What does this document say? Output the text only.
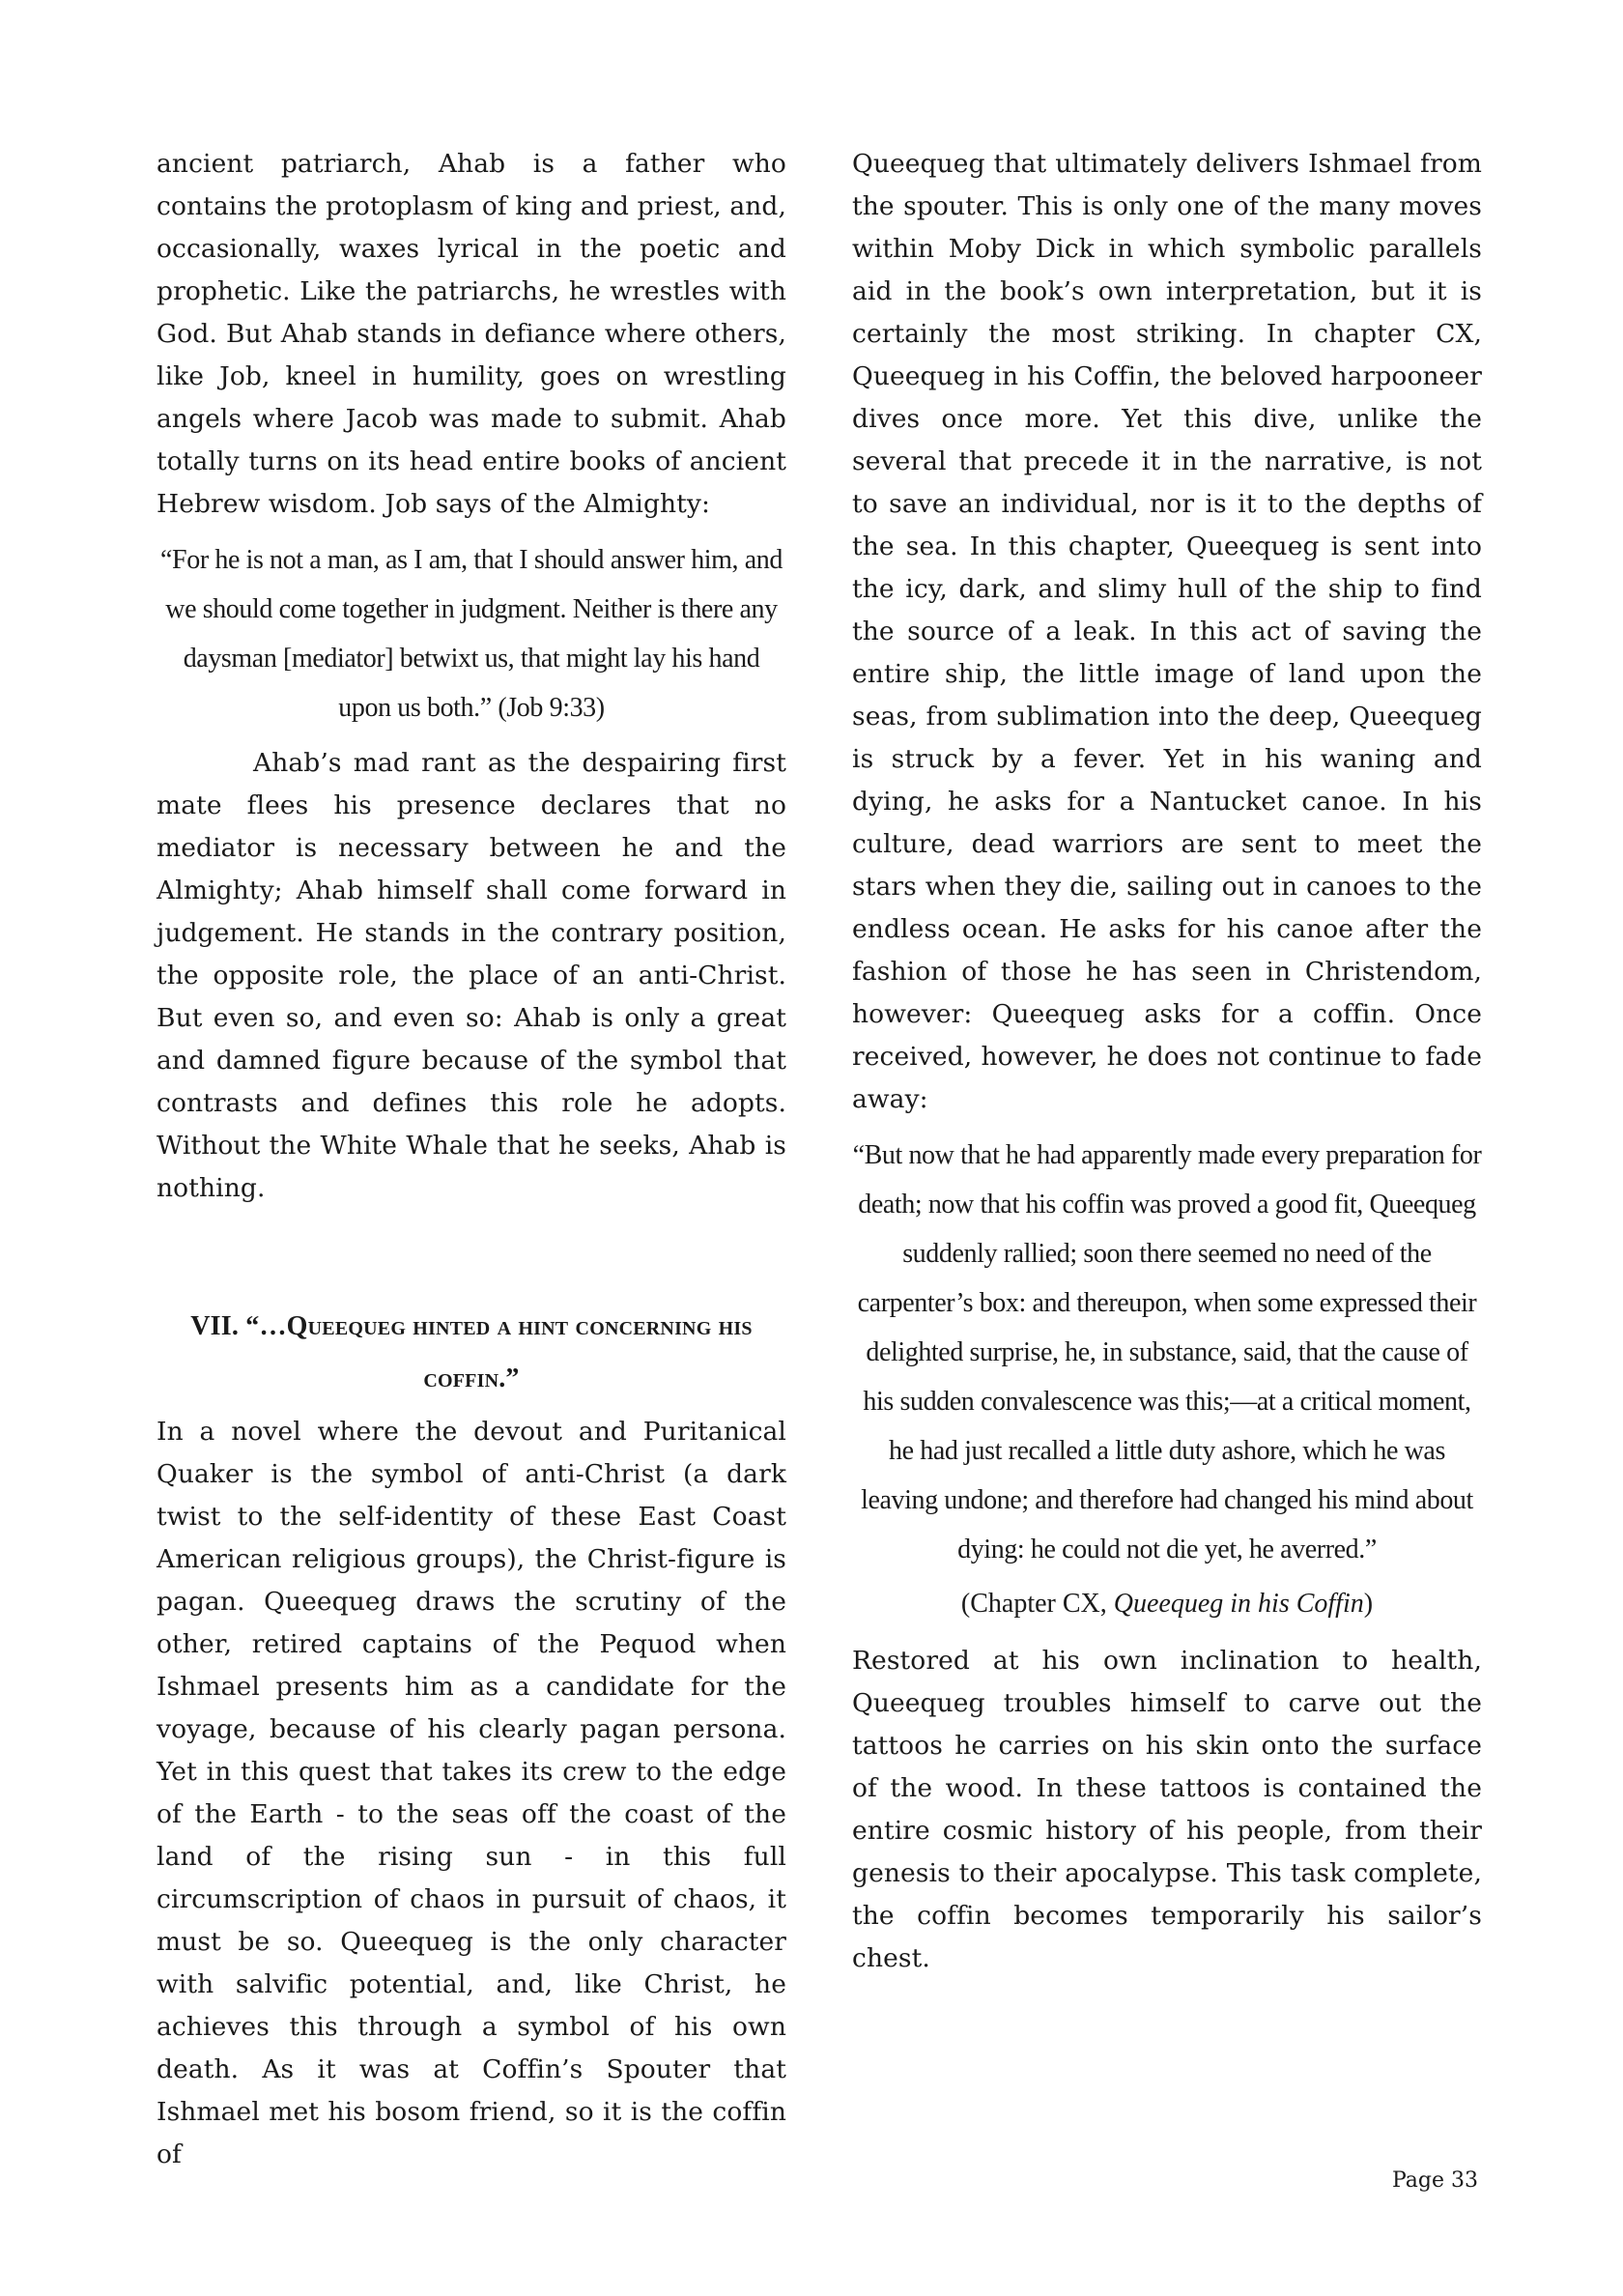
ancient patriarch, Ahab is a father who contains the protoplasm of king and priest, and, occasionally, waxes lyrical in the poetic and prophetic. Like the patriarchs, he wrestles with God. But Ahab stands in defiance where others, like Job, kneel in humility, goes on wrestling angels where Jacob was made to submit. Ahab totally turns on its head entire books of ancient Hebrew wisdom. Job says of the Almighty:

“For he is not a man, as I am, that I should answer him, and we should come together in judgment. Neither is there any daysman [mediator] betwixt us, that might lay his hand upon us both.” (Job 9:33)

Ahab’s mad rant as the despairing first mate flees his presence declares that no mediator is necessary between he and the Almighty; Ahab himself shall come forward in judgement. He stands in the contrary position, the opposite role, the place of an anti-Christ. But even so, and even so: Ahab is only a great and damned figure because of the symbol that contrasts and defines this role he adopts. Without the White Whale that he seeks, Ahab is nothing.

VII. “…Queequeg hinted a hint concerning his coffin.”

In a novel where the devout and Puritanical Quaker is the symbol of anti-Christ (a dark twist to the self-identity of these East Coast American religious groups), the Christ-figure is pagan. Queequeg draws the scrutiny of the other, retired captains of the Pequod when Ishmael presents him as a candidate for the voyage, because of his clearly pagan persona. Yet in this quest that takes its crew to the edge of the Earth - to the seas off the coast of the land of the rising sun - in this full circumscription of chaos in pursuit of chaos, it must be so. Queequeg is the only character with salvific potential, and, like Christ, he achieves this through a symbol of his own death. As it was at Coffin’s Spouter that Ishmael met his bosom friend, so it is the coffin of

Queequeg that ultimately delivers Ishmael from the spouter. This is only one of the many moves within Moby Dick in which symbolic parallels aid in the book’s own interpretation, but it is certainly the most striking. In chapter CX, Queequeg in his Coffin, the beloved harpooneer dives once more. Yet this dive, unlike the several that precede it in the narrative, is not to save an individual, nor is it to the depths of the sea. In this chapter, Queequeg is sent into the icy, dark, and slimy hull of the ship to find the source of a leak. In this act of saving the entire ship, the little image of land upon the seas, from sublimation into the deep, Queequeg is struck by a fever. Yet in his waning and dying, he asks for a Nantucket canoe. In his culture, dead warriors are sent to meet the stars when they die, sailing out in canoes to the endless ocean. He asks for his canoe after the fashion of those he has seen in Christendom, however: Queequeg asks for a coffin. Once received, however, he does not continue to fade away:

“But now that he had apparently made every preparation for death; now that his coffin was proved a good fit, Queequeg suddenly rallied; soon there seemed no need of the carpenter’s box: and thereupon, when some expressed their delighted surprise, he, in substance, said, that the cause of his sudden convalescence was this;—at a critical moment, he had just recalled a little duty ashore, which he was leaving undone; and therefore had changed his mind about dying: he could not die yet, he averred.”

(Chapter CX, Queequeg in his Coffin)

Restored at his own inclination to health, Queequeg troubles himself to carve out the tattoos he carries on his skin onto the surface of the wood. In these tattoos is contained the entire cosmic history of his people, from their genesis to their apocalypse. This task complete, the coffin becomes temporarily his sailor’s chest.

Page 33
